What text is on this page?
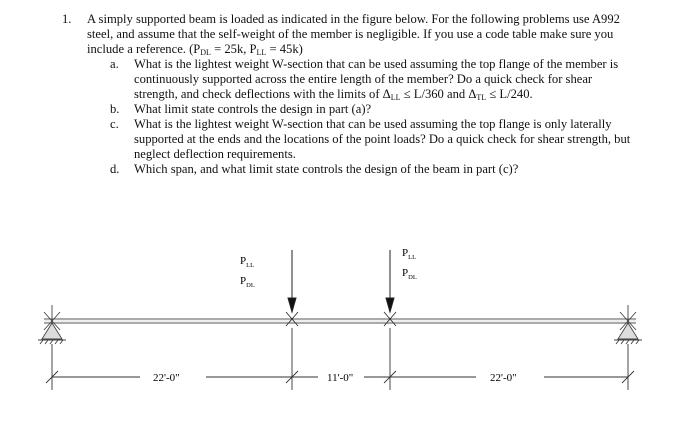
1. A simply supported beam is loaded as indicated in the figure below. For the following problems use A992
steel, and assume that the self-weight of the member is negligible. If you use a code table make sure you
include a reference. (PDL = 25k, PLL = 45k)
a. What is the lightest weight W-section that can be used assuming the top flange of the member is
continuously supported across the entire length of the member? Do a quick check for shear
strength, and check deflections with the limits of ΔLL ≤ L/360 and ΔTL ≤ L/240.
b. What limit state controls the design in part (a)?
c. What is the lightest weight W-section that can be used assuming the top flange is only laterally
supported at the ends and the locations of the point loads? Do a quick check for shear strength, but
neglect deflection requirements.
d. Which span, and what limit state controls the design of the beam in part (c)?
$P_{LL}$
$P_{DL}$
$P_{LL}$
$P_{DL}$
22'-0"	11'-0"	22'-0"
